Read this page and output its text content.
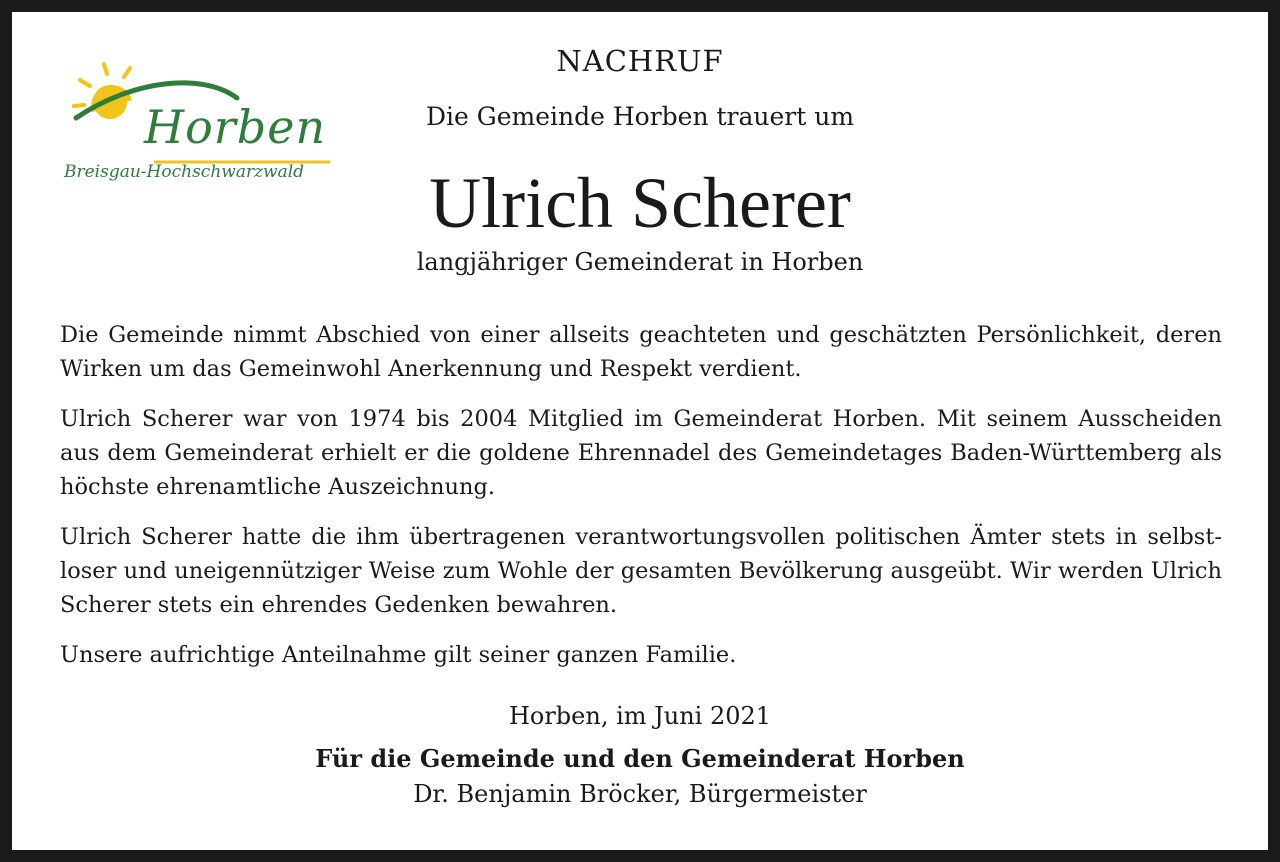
Horben
Breisgau-Hochschwarzwald
NACHRUF
Die Gemeinde Horben trauert um
Ulrich Scherer
langjähriger Gemeinderat in Horben

Die Gemeinde nimmt Abschied von einer allseits geachteten und geschätzten Persönlichkeit, deren Wirken um das Gemeinwohl Anerkennung und Respekt verdient.

Ulrich Scherer war von 1974 bis 2004 Mitglied im Gemeinderat Horben. Mit seinem Ausscheiden aus dem Gemeinderat erhielt er die goldene Ehrennadel des Gemeindetages Baden-Württemberg als höchste ehrenamtliche Auszeichnung.

Ulrich Scherer hatte die ihm übertragenen verantwortungsvollen politischen Ämter stets in selbstloser und uneigennütziger Weise zum Wohle der gesamten Bevölkerung ausgeübt. Wir werden Ulrich Scherer stets ein ehrendes Gedenken bewahren.

Unsere aufrichtige Anteilnahme gilt seiner ganzen Familie.

Horben, im Juni 2021
Für die Gemeinde und den Gemeinderat Horben
Dr. Benjamin Bröcker, Bürgermeister
